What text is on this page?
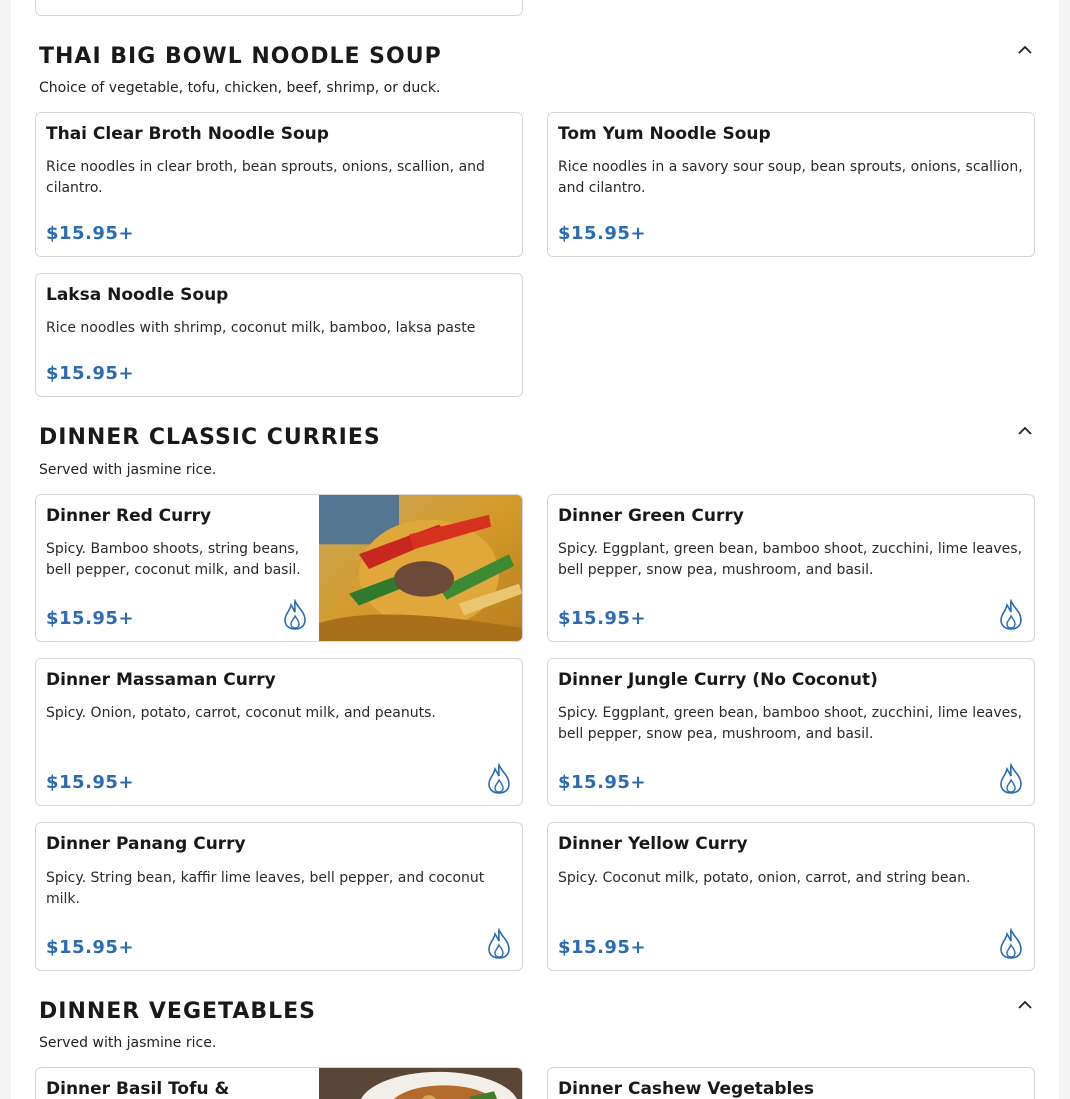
THAI BIG BOWL NOODLE SOUP
Choice of vegetable, tofu, chicken, beef, shrimp, or duck.
Thai Clear Broth Noodle Soup
Rice noodles in clear broth, bean sprouts, onions, scallion, and cilantro.
$15.95+
Tom Yum Noodle Soup
Rice noodles in a savory sour soup, bean sprouts, onions, scallion, and cilantro.
$15.95+
Laksa Noodle Soup
Rice noodles with shrimp, coconut milk, bamboo, laksa paste
$15.95+
DINNER CLASSIC CURRIES
Served with jasmine rice.
Dinner Red Curry
Spicy. Bamboo shoots, string beans, bell pepper, coconut milk, and basil.
$15.95+
Dinner Green Curry
Spicy. Eggplant, green bean, bamboo shoot, zucchini, lime leaves, bell pepper, snow pea, mushroom, and basil.
$15.95+
Dinner Massaman Curry
Spicy. Onion, potato, carrot, coconut milk, and peanuts.
$15.95+
Dinner Jungle Curry (No Coconut)
Spicy. Eggplant, green bean, bamboo shoot, zucchini, lime leaves, bell pepper, snow pea, mushroom, and basil.
$15.95+
Dinner Panang Curry
Spicy. String bean, kaffir lime leaves, bell pepper, and coconut milk.
$15.95+
Dinner Yellow Curry
Spicy. Coconut milk, potato, onion, carrot, and string bean.
$15.95+
DINNER VEGETABLES
Served with jasmine rice.
Dinner Basil Tofu &	Dinner Cashew Vegetables
